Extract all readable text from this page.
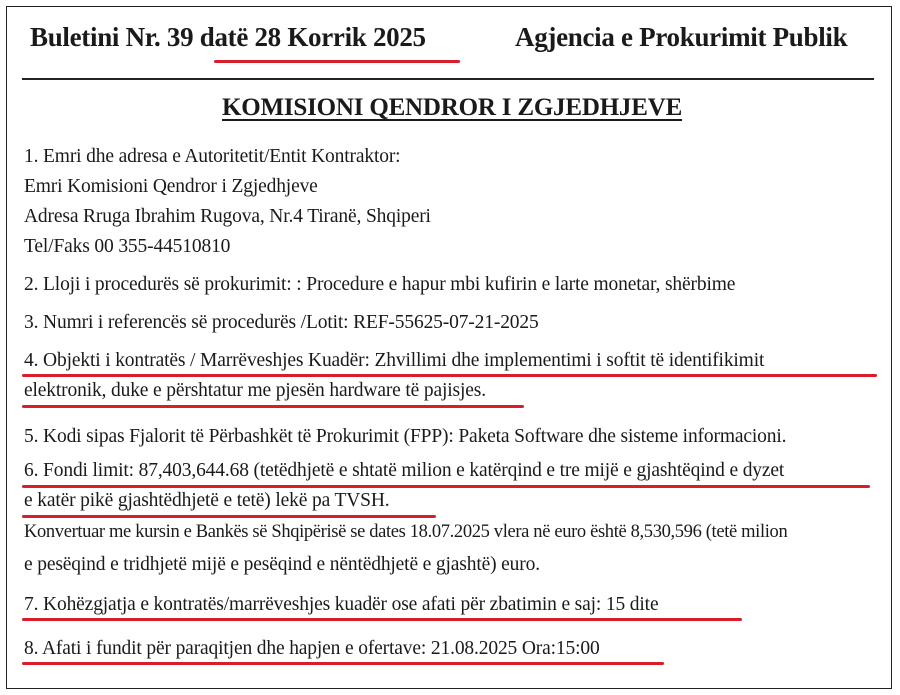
Buletini Nr. 39 datë 28 Korrik 2025	Agjencia e Prokurimit Publik
KOMISIONI QENDROR I ZGJEDHJEVE
1. Emri dhe adresa e Autoritetit/Entit Kontraktor:
Emri Komisioni Qendror i Zgjedhjeve
Adresa Rruga Ibrahim Rugova, Nr.4 Tiranë, Shqiperi
Tel/Faks 00 355-44510810
2. Lloji i procedurës së prokurimit: : Procedure e hapur mbi kufirin e larte monetar, shërbime
3. Numri i referencës së procedurës /Lotit: REF-55625-07-21-2025
4. Objekti i kontratës / Marrëveshjes Kuadër: Zhvillimi dhe implementimi i softit të identifikimit
elektronik, duke e përshtatur me pjesën hardware të pajisjes.
5. Kodi sipas Fjalorit të Përbashkët të Prokurimit (FPP): Paketa Software dhe sisteme informacioni.
6. Fondi limit: 87,403,644.68 (tetëdhjetë e shtatë milion e katërqind e tre mijë e gjashtëqind e dyzet
e katër pikë gjashtëdhjetë e tetë) lekë pa TVSH.
Konvertuar me kursin e Bankës së Shqipërisë se dates 18.07.2025 vlera në euro është 8,530,596 (tetë milion
e pesëqind e tridhjetë mijë e pesëqind e nëntëdhjetë e gjashtë) euro.
7. Kohëzgjatja e kontratës/marrëveshjes kuadër ose afati për zbatimin e saj: 15 dite
8. Afati i fundit për paraqitjen dhe hapjen e ofertave: 21.08.2025 Ora:15:00
